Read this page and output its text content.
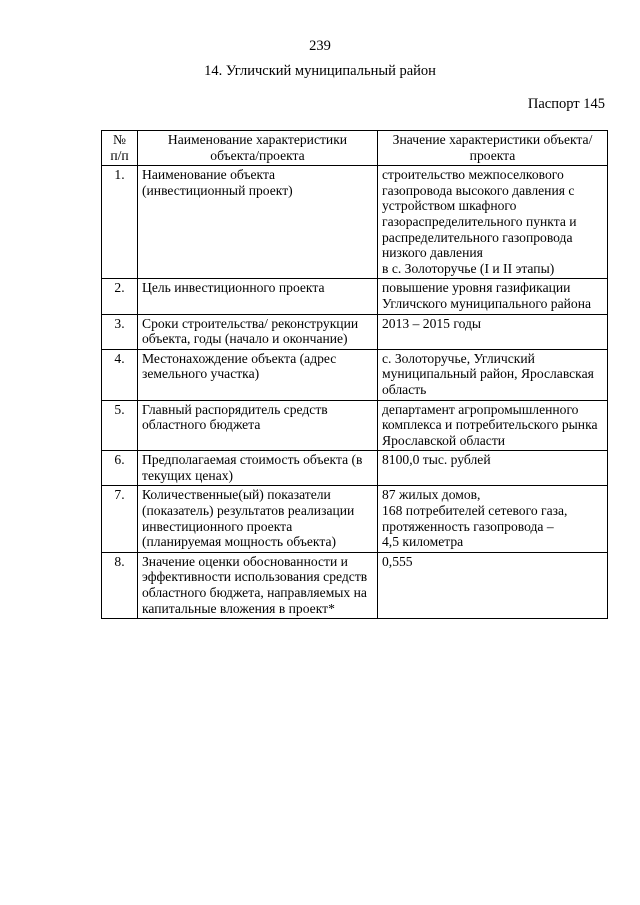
239
14. Угличский муниципальный район
Паспорт 145
№ п/п	Наименование характеристики объекта/проекта	Значение характеристики объекта/проекта
1.	Наименование объекта (инвестиционный проект)	строительство межпоселкового газопровода высокого давления с устройством шкафного газораспределительного пункта и распределительного газопровода низкого давления
в с. Золоторучье (I и II этапы)

2.	Цель инвестиционного проекта	повышение уровня газификации Угличского муниципального района

3.	Сроки строительства/ реконструкции объекта, годы (начало и окончание)	2013 – 2015 годы

4.	Местонахождение объекта (адрес земельного участка)	с. Золоторучье, Угличский муниципальный район, Ярославская область

5.	Главный распорядитель средств областного бюджета	департамент агропромышленного комплекса и потребительского рынка Ярославской области

6.	Предполагаемая стоимость объекта (в текущих ценах)	8100,0 тыс. рублей

7.	Количественные(ый) показатели (показатель) результатов реализации инвестиционного проекта (планируемая мощность объекта)	87 жилых домов,
168 потребителей сетевого газа, протяженность газопровода –
4,5 километра

8.	Значение оценки обоснованности и эффективности использования средств областного бюджета, направляемых на капитальные вложения в проект*	0,555
